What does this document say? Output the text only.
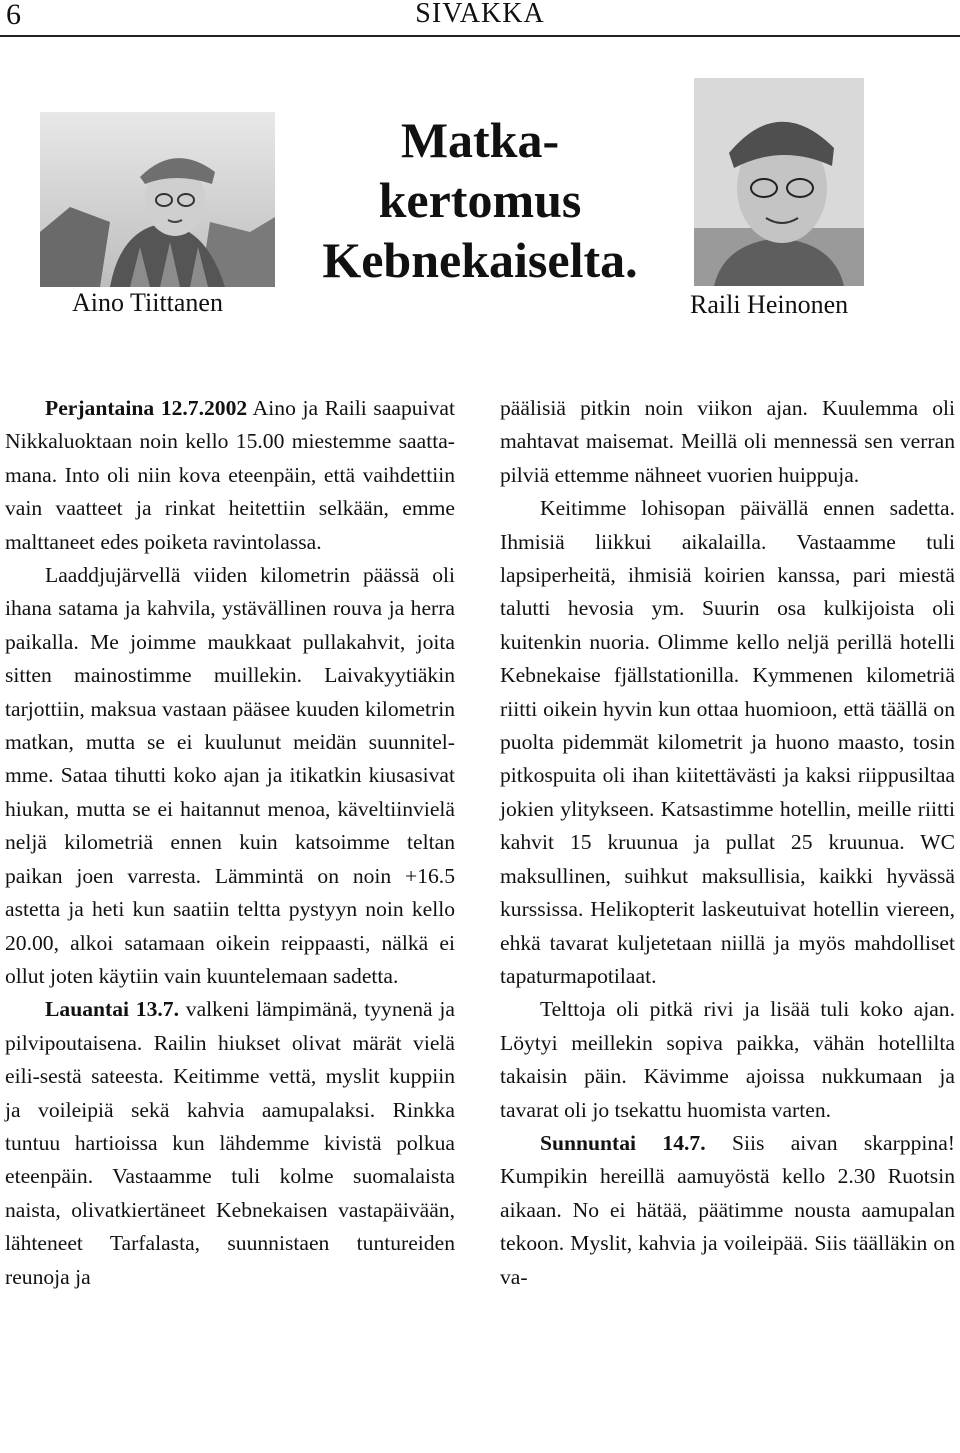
6	SIVAKKA
Aino Tiittanen
Matka-
kertomus
Kebnekaiselta.
Raili Heinonen

Perjantaina 12.7.2002 Aino ja Raili saapuivat Nikkaluoktaan noin kello 15.00 miestemme saatta-mana. Into oli niin kova eteenpäin, että vaihdettiin vain vaatteet ja rinkat heitettiin selkään, emme malttaneet edes poiketa ravintolassa.

Laaddjujärvellä viiden kilometrin päässä oli ihana satama ja kahvila, ystävällinen rouva ja herra paikalla. Me joimme maukkaat pullakahvit, joita sitten mainostimme muillekin. Laivakyytiäkin tarjottiin, maksua vastaan pääsee kuuden kilometrin matkan, mutta se ei kuulunut meidän suunnitel-mme. Sataa tihutti koko ajan ja itikatkin kiusasivat hiukan, mutta se ei haitannut menoa, käveltiinvielä neljä kilometriä ennen kuin katsoimme teltan paikan joen varresta. Lämmintä on noin +16.5 astetta ja heti kun saatiin teltta pystyyn noin kello 20.00, alkoi satamaan oikein reippaasti, nälkä ei ollut joten käytiin vain kuuntelemaan sadetta.

Lauantai 13.7. valkeni lämpimänä, tyynenä ja pilvipoutaisena. Railin hiukset olivat märät vielä eili-sestä sateesta. Keitimme vettä, myslit kuppiin ja voileipiä sekä kahvia aamupalaksi. Rinkka tuntuu hartioissa kun lähdemme kivistä polkua eteenpäin. Vastaamme tuli kolme suomalaista naista, olivatkiertäneet Kebnekaisen vastapäivään, lähteneet Tarfalasta, suunnistaen tuntureiden reunoja ja

päälisiä pitkin noin viikon ajan. Kuulemma oli mahtavat maisemat. Meillä oli mennessä sen verran pilviä ettemme nähneet vuorien huippuja.

Keitimme lohisopan päivällä ennen sadetta. Ihmisiä liikkui aikalailla. Vastaamme tuli lapsiperheitä, ihmisiä koirien kanssa, pari miestä talutti hevosia ym. Suurin osa kulkijoista oli kuitenkin nuoria. Olimme kello neljä perillä hotelli Kebnekaise fjällstationilla. Kymmenen kilometriä riitti oikein hyvin kun ottaa huomioon, että täällä on puolta pidemmät kilometrit ja huono maasto, tosin pitkospuita oli ihan kiitettävästi ja kaksi riippusiltaa jokien ylitykseen. Katsastimme hotellin, meille riitti kahvit 15 kruunua ja pullat 25 kruunua. WC maksullinen, suihkut maksullisia, kaikki hyvässä kurssissa. Helikopterit laskeutuivat hotellin viereen, ehkä tavarat kuljetetaan niillä ja myös mahdolliset tapaturmapotilaat.

Telttoja oli pitkä rivi ja lisää tuli koko ajan. Löytyi meillekin sopiva paikka, vähän hotellilta takaisin päin. Kävimme ajoissa nukkumaan ja tavarat oli jo tsekattu huomista varten.

Sunnuntai 14.7. Siis aivan skarppina! Kumpikin hereillä aamuyöstä kello 2.30 Ruotsin aikaan. No ei hätää, päätimme nousta aamupalan tekoon. Myslit, kahvia ja voileipää. Siis täälläkin on va-
